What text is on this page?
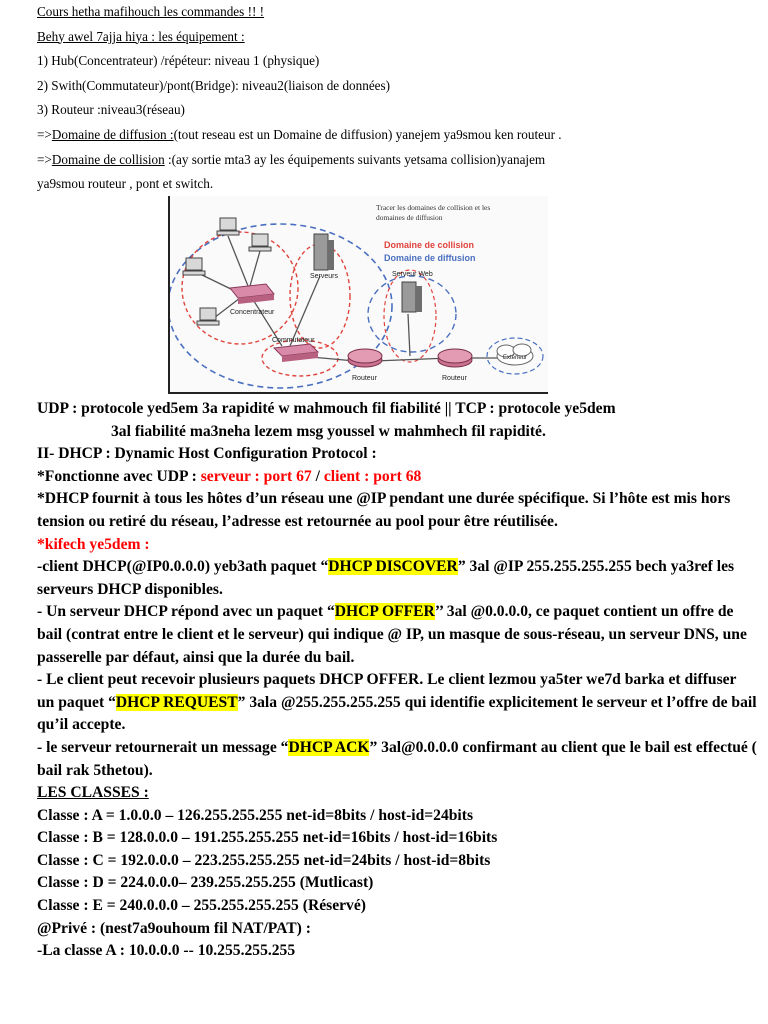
Cours hetha mafihouch les commandes !! !

Behy awel 7ajja hiya : les équipement :

1) Hub(Concentrateur) /répéteur: niveau 1 (physique)

2) Swith(Commutateur)/pont(Bridge): niveau2(liaison de données)

3) Routeur :niveau3(réseau)

=>Domaine de diffusion :(tout reseau est un Domaine de diffusion) yanejem ya9smou ken routeur .

=>Domaine de collision :(ay sortie mta3 ay les équipements suivants yetsama collision)yanajem

ya9smou routeur , pont et switch.

Concentrateur
Serveurs	Serveur Web
Commutateur
Routeur	Routeur
Extérieur
Tracer les domaines de collision et les
domaines de diffusion
Domaine de collision
Domaine de diffusion

UDP : protocole yed5em 3a rapidité w mahmouch fil fiabilité || TCP : protocole ye5dem

3al fiabilité ma3neha lezem msg youssel w mahmhech fil rapidité.

II- DHCP : Dynamic Host Configuration Protocol :

*Fonctionne avec UDP : serveur : port 67 / client : port 68

*DHCP fournit à tous les hôtes d’un réseau une @IP pendant une durée spécifique. Si l’hôte est mis hors tension ou retiré du réseau, l’adresse est retournée au pool pour être réutilisée.

*kifech ye5dem :

-client DHCP(@IP0.0.0.0) yeb3ath paquet “DHCP DISCOVER” 3al @IP 255.255.255.255 bech ya3ref les serveurs DHCP disponibles.

- Un serveur DHCP répond avec un paquet “DHCP OFFER’’ 3al @0.0.0.0, ce paquet contient un offre de bail (contrat entre le client et le serveur) qui indique @ IP, un masque de sous-réseau, un serveur DNS, une passerelle par défaut, ainsi que la durée du bail.

- Le client peut recevoir plusieurs paquets DHCP OFFER. Le client lezmou ya5ter we7d barka et diffuser un paquet “DHCP REQUEST” 3ala @255.255.255.255 qui identifie explicitement le serveur et l’offre de bail qu’il accepte.

- le serveur retournerait un message “DHCP ACK” 3al@0.0.0.0 confirmant au client que le bail est effectué ( bail rak 5thetou).

LES CLASSES :

Classe : A = 1.0.0.0 – 126.255.255.255 net-id=8bits / host-id=24bits

Classe : B = 128.0.0.0 – 191.255.255.255 net-id=16bits / host-id=16bits

Classe : C = 192.0.0.0 – 223.255.255.255 net-id=24bits / host-id=8bits

Classe : D = 224.0.0.0– 239.255.255.255 (Mutlicast)

Classe : E = 240.0.0.0 – 255.255.255.255 (Réservé)

@Privé : (nest7a9ouhoum fil NAT/PAT) :

-La classe A : 10.0.0.0 -- 10.255.255.255
